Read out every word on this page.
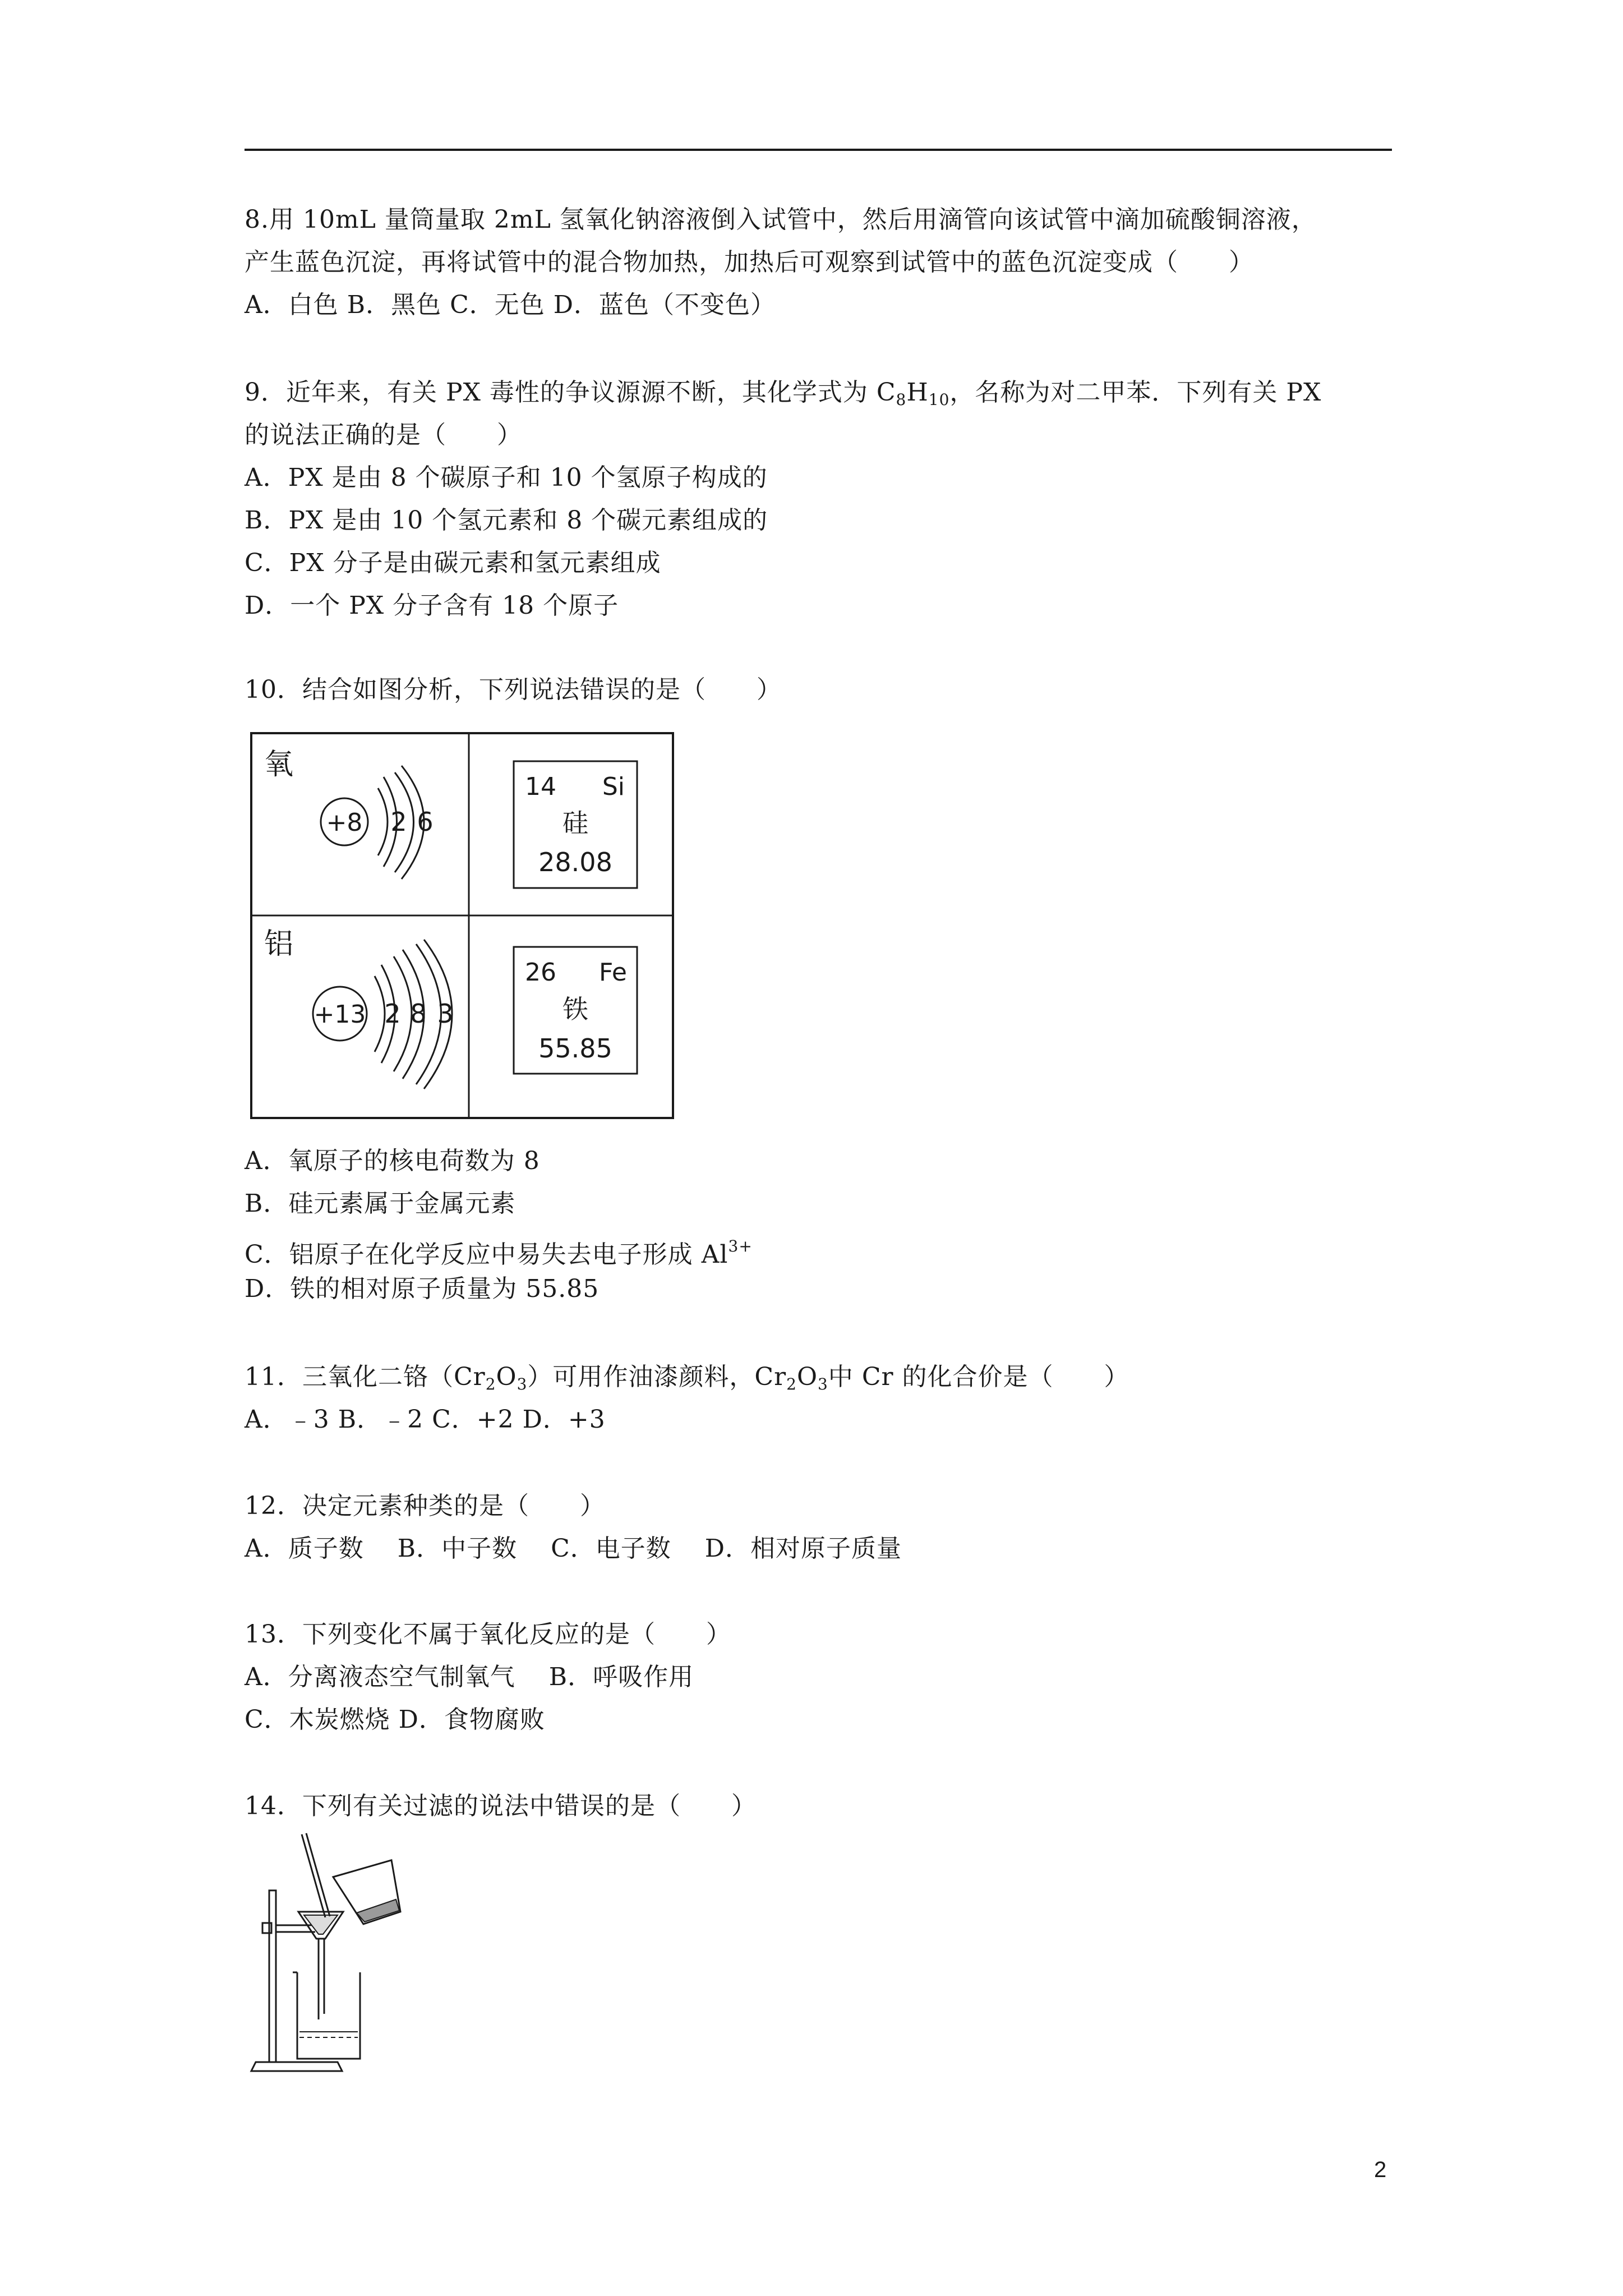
8.用 10mL 量筒量取 2mL 氢氧化钠溶液倒入试管中，然后用滴管向该试管中滴加硫酸铜溶液，
产生蓝色沉淀，再将试管中的混合物加热，加热后可观察到试管中的蓝色沉淀变成（　　）
A．白色 B．黑色 C．无色 D．蓝色（不变色）
9．近年来，有关 PX 毒性的争议源源不断，其化学式为 $C_8H_{10}$，名称为对二甲苯．下列有关 PX
的说法正确的是（　　）
A．PX 是由 8 个碳原子和 10 个氢原子构成的
B．PX 是由 10 个氢元素和 8 个碳元素组成的
C．PX 分子是由碳元素和氢元素组成
D．一个 PX 分子含有 18 个原子
10．结合如图分析，下列说法错误的是（　　）
氧
+8 2 6
14 Si
硅
28.08
铝
+13 2 8 3
26 Fe
铁
55.85
A．氧原子的核电荷数为 8
B．硅元素属于金属元素
C．铝原子在化学反应中易失去电子形成 $Al^{3+}$
D．铁的相对原子质量为 55.85
11．三氧化二铬$(Cr_2O_3)$可用作油漆颜料，$Cr_2O_3$中 Cr 的化合价是（　　）
A．﹣3 B．﹣2 C．+2 D．+3
12．决定元素种类的是（　　）
A．质子数　 B．中子数　 C．电子数　 D．相对原子质量
13．下列变化不属于氧化反应的是（　　）
A．分离液态空气制氧气　 B．呼吸作用
C．木炭燃烧 D．食物腐败
14．下列有关过滤的说法中错误的是（　　）
2
